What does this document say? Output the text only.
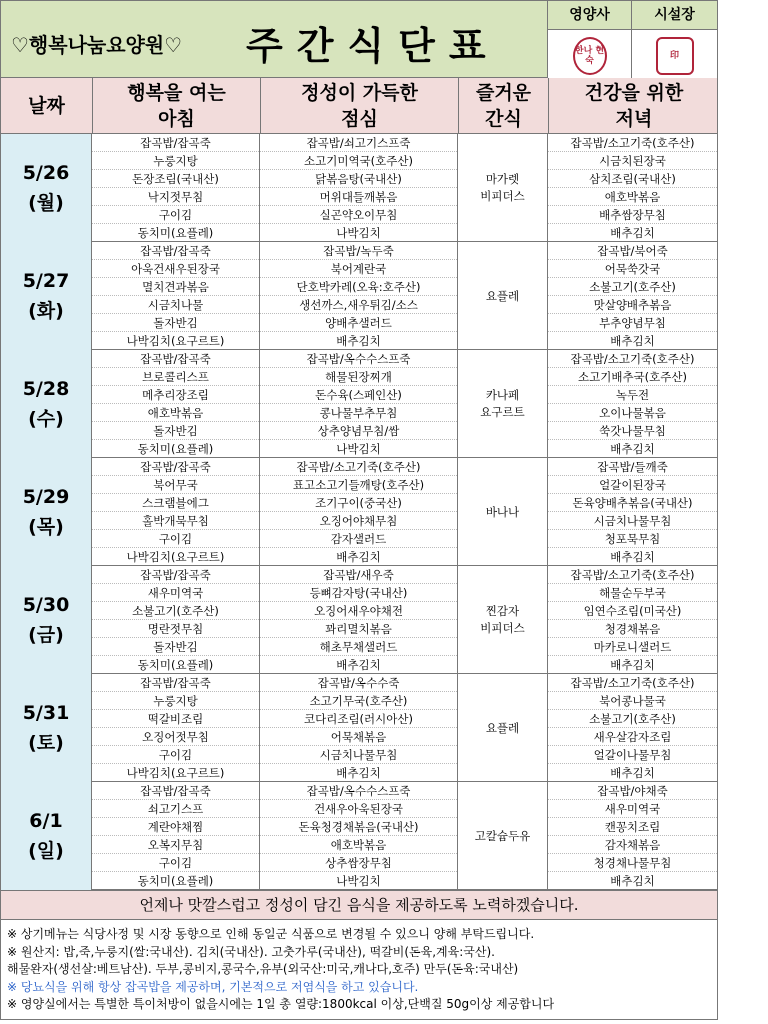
♡행복나눔요양원♡ 주간식단표
영양사
한나 현숙
시설장
印
날짜
행복을 여는
아침
정성이 가득한
점심
즐거운
간식
건강을 위한
저녁
5/26
(월)
잡곡밥/잡곡죽
누룽지탕
돈장조림(국내산)
낙지젓무침
구이김
동치미(요플레)
잡곡밥/쇠고기스프죽
소고기미역국(호주산)
닭볶음탕(국내산)
머위대들깨볶음
실곤약오이무침
나박김치
마가렛
비피더스
잡곡밥/소고기죽(호주산)
시금치된장국
삼치조림(국내산)
애호박볶음
배추쌈장무침
배추김치
5/27
(화)
잡곡밥/잡곡죽
아욱건새우된장국
멸치견과볶음
시금치나물
돌자반김
나박김치(요구르트)
잡곡밥/녹두죽
북어계란국
단호박카레(오육:호주산)
생선까스,새우튀김/소스
양배추샐러드
배추김치
요플레
잡곡밥/북어죽
어묵쑥갓국
소불고기(호주산)
맛살양배추볶음
부추양념무침
배추김치
5/28
(수)
잡곡밥/잡곡죽
브로콜리스프
메추리장조림
애호박볶음
돌자반김
동치미(요플레)
잡곡밥/옥수수스프죽
해물된장찌개
돈수육(스페인산)
콩나물부추무침
상추양념무침/쌈
나박김치
카나페
요구르트
잡곡밥/소고기죽(호주산)
소고기배추국(호주산)
녹두전
오이나물볶음
쑥갓나물무침
배추김치
5/29
(목)
잡곡밥/잡곡죽
북어무국
스크램블에그
홀박개묵무침
구이김
나박김치(요구르트)
잡곡밥/소고기죽(호주산)
표고소고기들깨탕(호주산)
조기구이(중국산)
오징어야채무침
감자샐러드
배추김치
바나나
잡곡밥/들깨죽
얼갈이된장국
돈육양배추볶음(국내산)
시금치나물무침
청포묵무침
배추김치
5/30
(금)
잡곡밥/잡곡죽
새우미역국
소불고기(호주산)
명란젓무침
돌자반김
동치미(요플레)
잡곡밥/새우죽
등뼈감자탕(국내산)
오징어새우야채전
꽈리멸치볶음
해초무채샐러드
배추김치
찐감자
비피더스
잡곡밥/소고기죽(호주산)
해물순두부국
임연수조림(미국산)
청경채볶음
마카로니샐러드
배추김치
5/31
(토)
잡곡밥/잡곡죽
누룽지탕
떡갈비조림
오징어젓무침
구이김
나박김치(요구르트)
잡곡밥/옥수수죽
소고기무국(호주산)
코다리조림(러시아산)
어묵채볶음
시금치나물무침
배추김치
요플레
잡곡밥/소고기죽(호주산)
북어콩나물국
소불고기(호주산)
새우살감자조림
얼갈이나물무침
배추김치
6/1
(일)
잡곡밥/잡곡죽
쇠고기스프
계란야채찜
오복지무침
구이김
동치미(요플레)
잡곡밥/옥수수스프죽
건새우아욱된장국
돈육청경채볶음(국내산)
애호박볶음
상추쌈장무침
나박김치
고칼슘두유
잡곡밥/야채죽
새우미역국
캔꽁치조림
감자채볶음
청경채나물무침
배추김치
언제나 맛깔스럽고 정성이 담긴 음식을 제공하도록 노력하겠습니다.
※ 상기메뉴는 식당사정 및 시장 동향으로 인해 동일군 식품으로 변경될 수 있으니 양해 부탁드립니다.
※ 원산지: 밥,죽,누룽지(쌀:국내산). 김치(국내산). 고춧가루(국내산), 떡갈비(돈육,계육:국산).
해물완자(생선살:베트남산). 두부,콩비지,콩국수,유부(외국산:미국,캐나다,호주) 만두(돈육:국내산)
※ 당뇨식을 위해 항상 잡곡밥을 제공하며, 기본적으로 저염식을 하고 있습니다.
※ 영양실에서는 특별한 특이처방이 없을시에는 1일 총 열량:1800kcal 이상,단백질 50g이상 제공합니다
